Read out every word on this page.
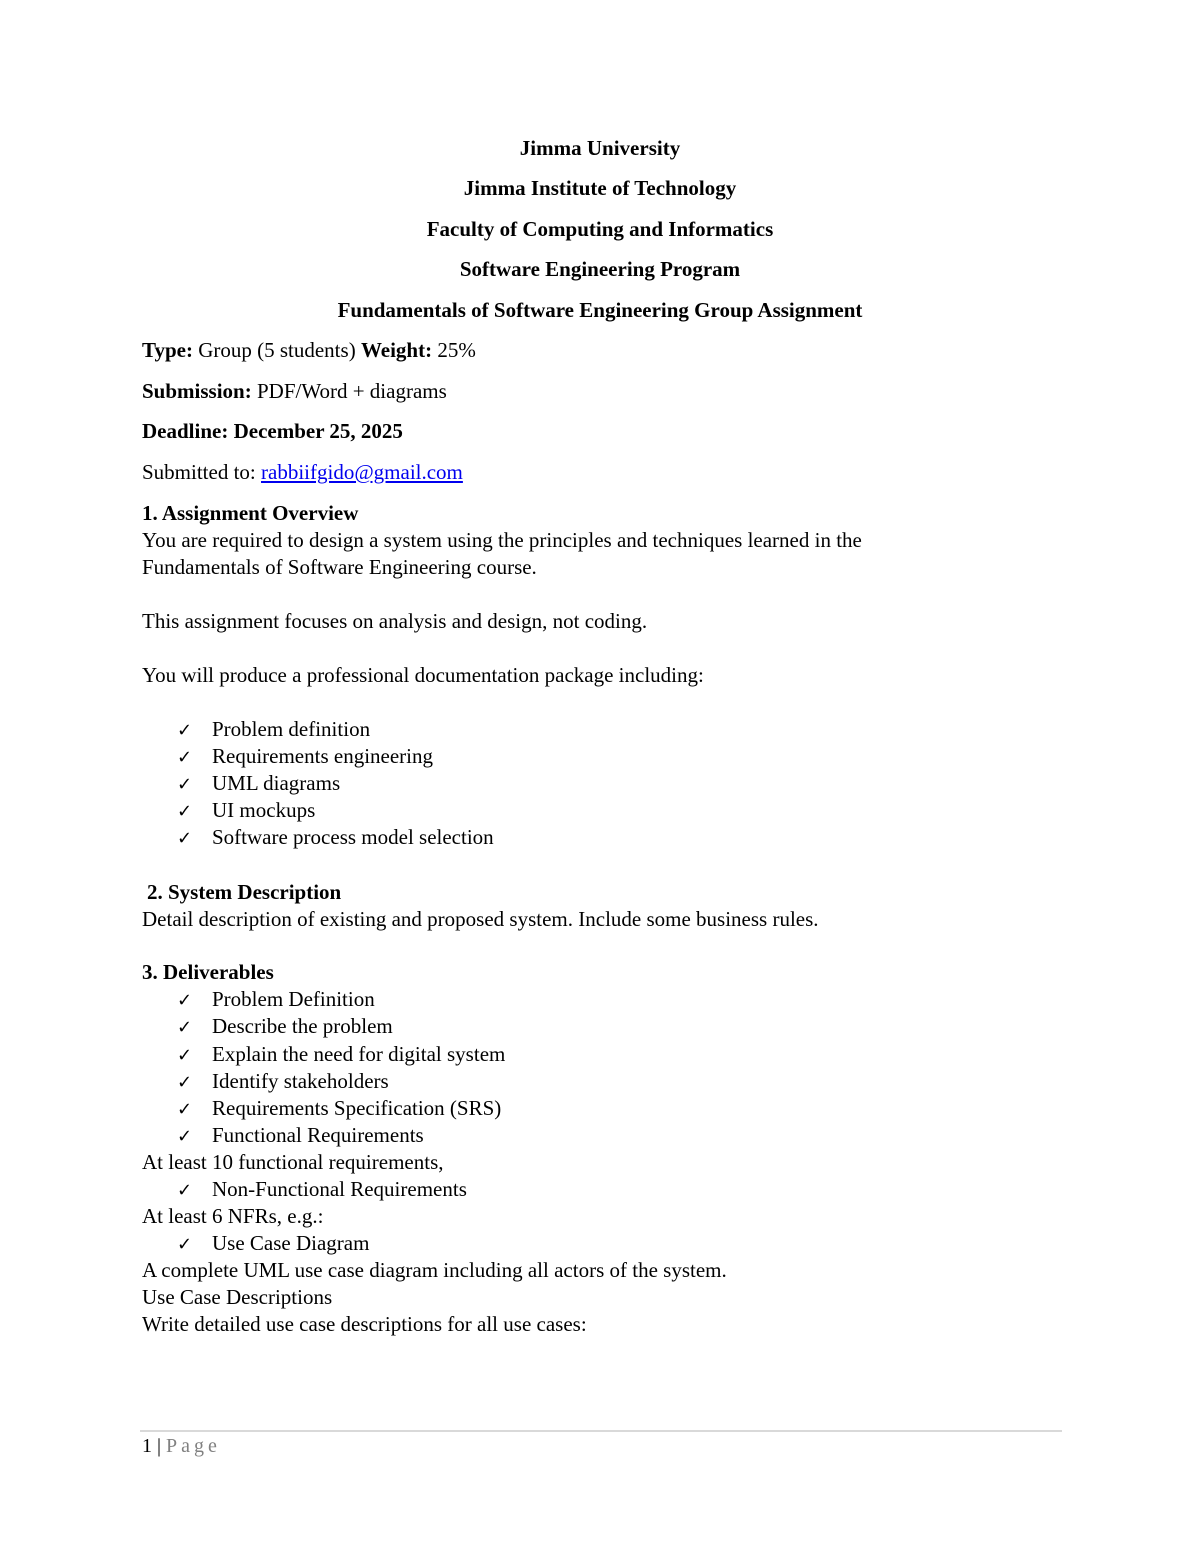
Jimma University
Jimma Institute of Technology
Faculty of Computing and Informatics
Software Engineering Program
Fundamentals of Software Engineering Group Assignment
Type: Group (5 students) Weight: 25%
Submission: PDF/Word + diagrams
Deadline: December 25, 2025
Submitted to: rabbiifgido@gmail.com
1. Assignment Overview
You are required to design a system using the principles and techniques learned in the
Fundamentals of Software Engineering course.
This assignment focuses on analysis and design, not coding.
You will produce a professional documentation package including:
✓ Problem definition
✓ Requirements engineering
✓ UML diagrams
✓ UI mockups
✓ Software process model selection
2. System Description
Detail description of existing and proposed system. Include some business rules.
3. Deliverables
✓ Problem Definition
✓ Describe the problem
✓ Explain the need for digital system
✓ Identify stakeholders
✓ Requirements Specification (SRS)
✓ Functional Requirements
At least 10 functional requirements,
✓ Non-Functional Requirements
At least 6 NFRs, e.g.:
✓ Use Case Diagram
A complete UML use case diagram including all actors of the system.
Use Case Descriptions
Write detailed use case descriptions for all use cases:
1 | Page
